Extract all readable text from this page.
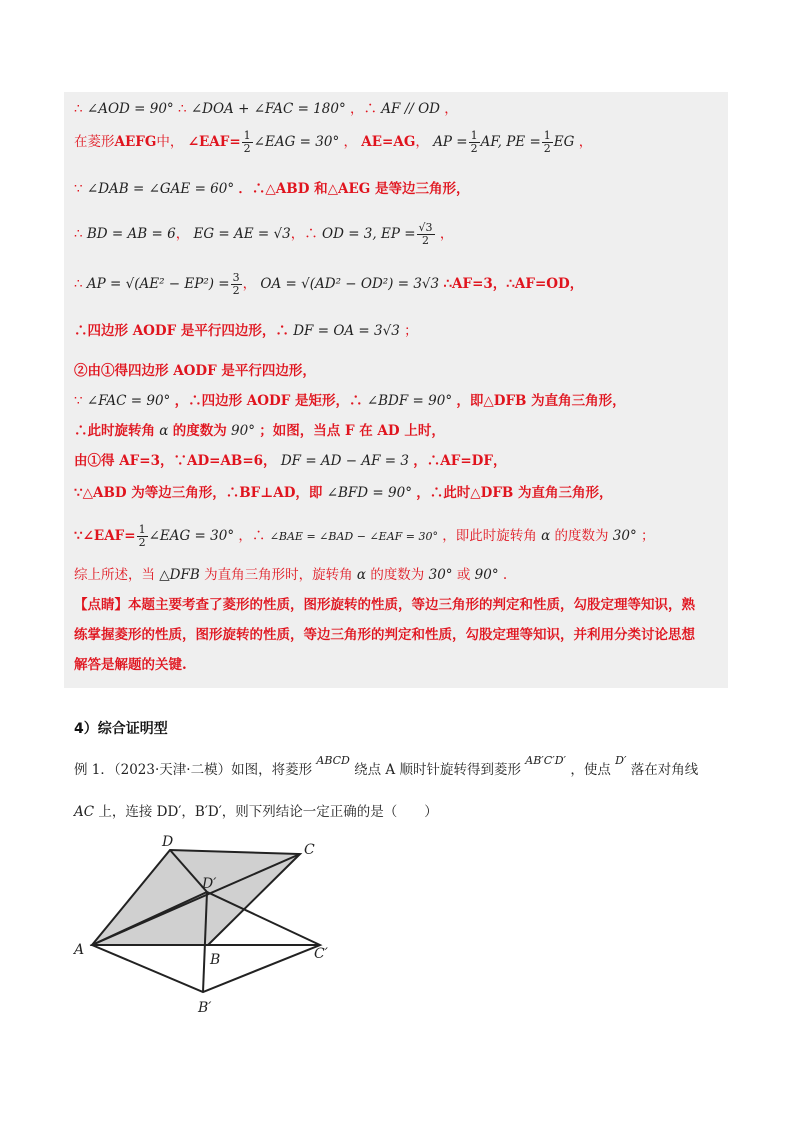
∴ ∠AOD = 90° ∴ ∠DOA + ∠FAC = 180° ，∴ AF // OD ，
在菱形AEFG中， ∠EAF= $\frac{1}{2}$ ∠EAG = 30° ， AE=AG， AP = $\frac{1}{2}$ AF, PE = $\frac{1}{2}$ EG ，
∵ ∠DAB = ∠GAE = 60° ．∴△ABD 和△AEG 是等边三角形，
∴ BD = AB = 6， EG = AE = √3，∴ OD = 3, EP = $\frac{√3}{2}$ ，
∴ AP = $√(AE^2 - EP^2) = \frac{3}{2}$ ， OA = √(AD² − OD²) = 3√3 ∴AF=3，∴AF=OD，
∴四边形 AODF 是平行四边形，∴ DF = OA = 3√3 ；
②由①得四边形 AODF 是平行四边形，
∵ ∠FAC = 90° ，∴四边形 AODF 是矩形，∴ ∠BDF = 90° ，即△DFB 为直角三角形，
∴此时旋转角 α 的度数为 90° ；如图，当点 F 在 AD 上时，
由①得 AF=3，∵AD=AB=6， DF = AD − AF = 3 ，∴AF=DF，
∵△ABD 为等边三角形，∴BF⊥AD，即 ∠BFD = 90° ，∴此时△DFB 为直角三角形，
∵∠EAF= $\frac{1}{2}$ ∠EAG = 30° ，∴ ∠BAE = ∠BAD − ∠EAF = 30° ，即此时旋转角 α 的度数为 30° ；
综上所述，当 △DFB 为直角三角形时，旋转角 α 的度数为 30° 或 90° .
【点睛】本题主要考查了菱形的性质，图形旋转的性质，等边三角形的判定和性质，勾股定理等知识，熟
练掌握菱形的性质，图形旋转的性质，等边三角形的判定和性质，勾股定理等知识，并利用分类讨论思想
解答是解题的关键.
4）综合证明型
例 1．（2023·天津·二模）如图，将菱形 $^{ABCD}$ 绕点 A 顺时针旋转得到菱形 $^{AB'C'D'}$ ，使点 $^{D'}$ 落在对角线
AC 上，连接 DD′，B′D′，则下列结论一定正确的是（　　）
D	C
D′
A
B	C′
B′
